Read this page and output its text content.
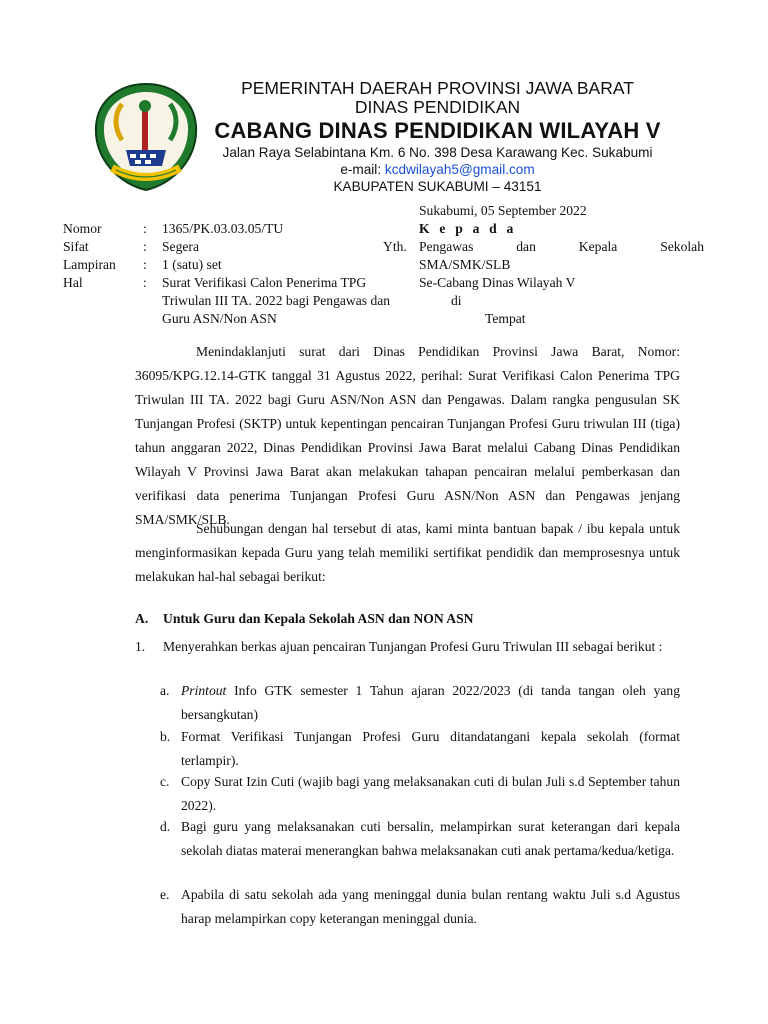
PEMERINTAH DAERAH PROVINSI JAWA BARAT
DINAS PENDIDIKAN
CABANG DINAS PENDIDIKAN WILAYAH V
Jalan Raya Selabintana Km. 6 No. 398 Desa Karawang Kec. Sukabumi
e-mail: kcdwilayah5@gmail.com
KABUPATEN SUKABUMI – 43151
Sukabumi, 05 September 2022
Nomor	: 1365/PK.03.03.05/TU
Sifat	: Segera
Lampiran : 1 (satu) set
Hal	: Surat Verifikasi Calon Penerima TPG Triwulan III TA. 2022 bagi Pengawas dan Guru ASN/Non ASN
K e p a d a
Yth. Pengawas dan Kepala Sekolah
SMA/SMK/SLB
Se-Cabang Dinas Wilayah V
di
Tempat
Menindaklanjuti surat dari Dinas Pendidikan Provinsi Jawa Barat, Nomor: 36095/KPG.12.14-GTK tanggal 31 Agustus 2022, perihal: Surat Verifikasi Calon Penerima TPG Triwulan III TA. 2022 bagi Guru ASN/Non ASN dan Pengawas. Dalam rangka pengusulan SK Tunjangan Profesi (SKTP) untuk kepentingan pencairan Tunjangan Profesi Guru triwulan III (tiga) tahun anggaran 2022, Dinas Pendidikan Provinsi Jawa Barat melalui Cabang Dinas Pendidikan Wilayah V Provinsi Jawa Barat akan melakukan tahapan pencairan melalui pemberkasan dan verifikasi data penerima Tunjangan Profesi Guru ASN/Non ASN dan Pengawas jenjang SMA/SMK/SLB.
Sehubungan dengan hal tersebut di atas, kami minta bantuan bapak / ibu kepala untuk menginformasikan kepada Guru yang telah memiliki sertifikat pendidik dan memprosesnya untuk melakukan hal-hal sebagai berikut:
A. Untuk Guru dan Kepala Sekolah ASN dan NON ASN
1. Menyerahkan berkas ajuan pencairan Tunjangan Profesi Guru Triwulan III sebagai berikut :
a. Printout Info GTK semester 1 Tahun ajaran 2022/2023 (di tanda tangan oleh yang bersangkutan)
b. Format Verifikasi Tunjangan Profesi Guru ditandatangani kepala sekolah (format terlampir).
c. Copy Surat Izin Cuti (wajib bagi yang melaksanakan cuti di bulan Juli s.d September tahun 2022).
d. Bagi guru yang melaksanakan cuti bersalin, melampirkan surat keterangan dari kepala sekolah diatas materai menerangkan bahwa melaksanakan cuti anak pertama/kedua/ketiga.
e. Apabila di satu sekolah ada yang meninggal dunia bulan rentang waktu Juli s.d Agustus harap melampirkan copy keterangan meninggal dunia.
